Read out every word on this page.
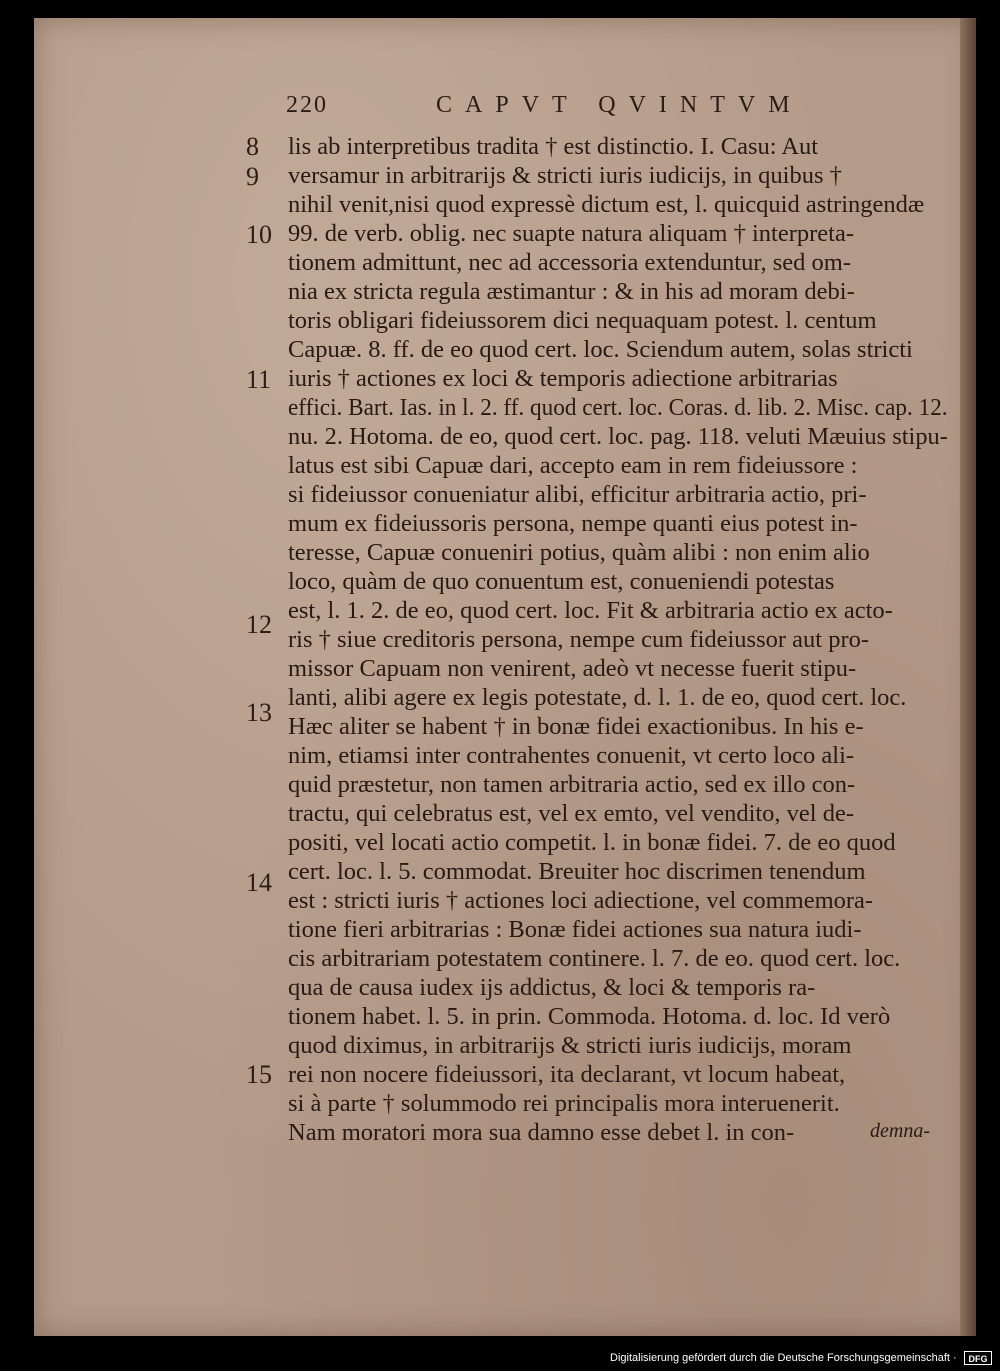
220	CAPVT QVINTVM
8
9
10
11
12
13
14
15
lis ab interpretibus tradita † est distinctio. I. Casu: Aut
versamur in arbitrarijs & stricti iuris iudicijs, in quibus †
nihil venit,nisi quod expressè dictum est, l. quicquid astringendæ
99. de verb. oblig. nec suapte natura aliquam † interpreta-
tionem admittunt, nec ad accessoria extenduntur, sed om-
nia ex stricta regula æstimantur : & in his ad moram debi-
toris obligari fideiussorem dici nequaquam potest. l. centum
Capuæ. 8. ff. de eo quod cert. loc. Sciendum autem, solas stricti
iuris † actiones ex loci & temporis adiectione arbitrarias
effici. Bart. Ias. in l. 2. ff. quod cert. loc. Coras. d. lib. 2. Misc. cap. 12.
nu. 2. Hotoma. de eo, quod cert. loc. pag. 118. veluti Mæuius stipu-
latus est sibi Capuæ dari, accepto eam in rem fideiussore :
si fideiussor conueniatur alibi, efficitur arbitraria actio, pri-
mum ex fideiussoris persona, nempe quanti eius potest in-
teresse, Capuæ conueniri potius, quàm alibi : non enim alio
loco, quàm de quo conuentum est, conueniendi potestas
est, l. 1. 2. de eo, quod cert. loc. Fit & arbitraria actio ex acto-
ris † siue creditoris persona, nempe cum fideiussor aut pro-
missor Capuam non venirent, adeò vt necesse fuerit stipu-
lanti, alibi agere ex legis potestate, d. l. 1. de eo, quod cert. loc.
Hæc aliter se habent † in bonæ fidei exactionibus. In his e-
nim, etiamsi inter contrahentes conuenit, vt certo loco ali-
quid præstetur, non tamen arbitraria actio, sed ex illo con-
tractu, qui celebratus est, vel ex emto, vel vendito, vel de-
positi, vel locati actio competit. l. in bonæ fidei. 7. de eo quod
cert. loc. l. 5. commodat. Breuiter hoc discrimen tenendum
est : stricti iuris † actiones loci adiectione, vel commemora-
tione fieri arbitrarias : Bonæ fidei actiones sua natura iudi-
cis arbitrariam potestatem continere. l. 7. de eo. quod cert. loc.
qua de causa iudex ijs addictus, & loci & temporis ra-
tionem habet. l. 5. in prin. Commoda. Hotoma. d. loc. Id verò
quod diximus, in arbitrarijs & stricti iuris iudicijs, moram
rei non nocere fideiussori, ita declarant, vt locum habeat,
si à parte † solummodo rei principalis mora interuenerit.
Nam moratori mora sua damno esse debet l. in con-	demna-
Digitalisierung gefördert durch die Deutsche Forschungsgemeinschaft ·	DFG
